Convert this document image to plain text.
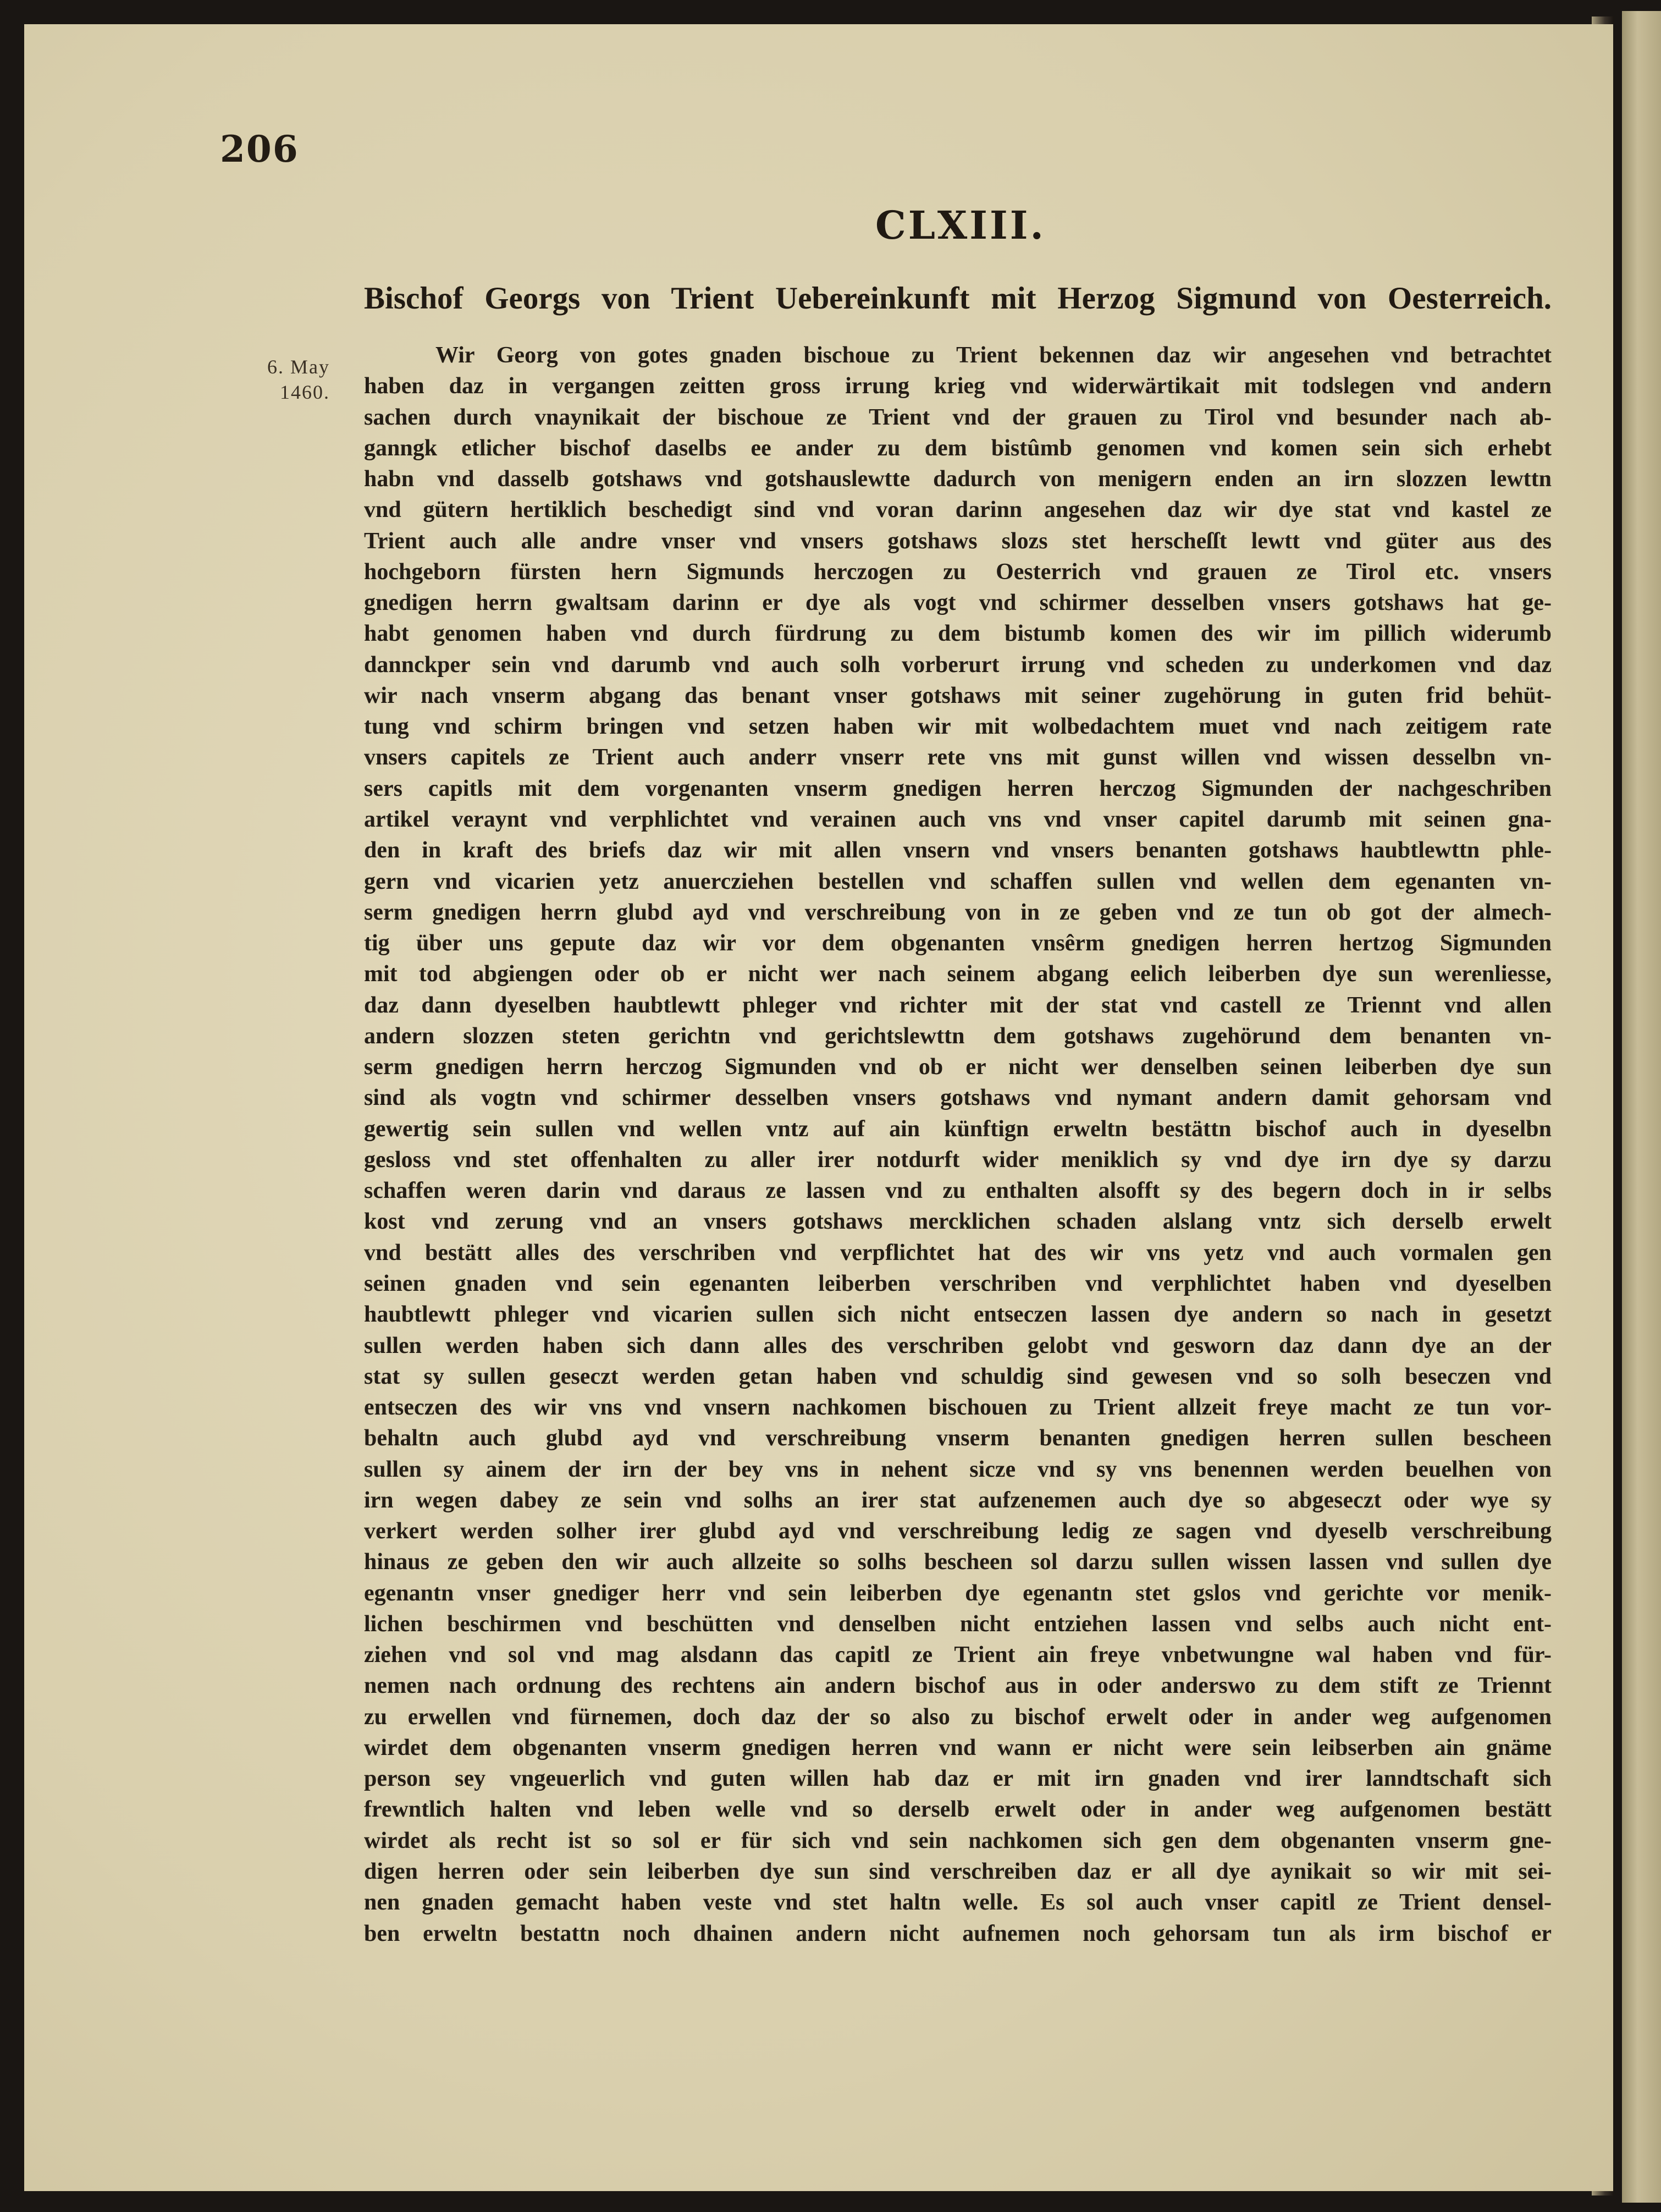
206
CLXIII.
Bischof Georgs von Trient Uebereinkunft mit Herzog Sigmund von Oesterreich.
6. May
1460.
Wir Georg von gotes gnaden bischoue zu Trient bekennen daz wir angesehen vnd betrachtet
haben daz in vergangen zeitten gross irrung krieg vnd widerwärtikait mit todslegen vnd andern
sachen durch vnaynikait der bischoue ze Trient vnd der grauen zu Tirol vnd besunder nach ab-
ganngk etlicher bischof daselbs ee ander zu dem bistûmb genomen vnd komen sein sich erhebt
habn vnd dasselb gotshaws vnd gotshauslewtte dadurch von menigern enden an irn slozzen lewttn
vnd gütern hertiklich beschedigt sind vnd voran darinn angesehen daz wir dye stat vnd kastel ze
Trient auch alle andre vnser vnd vnsers gotshaws slozs stet herscheſſt lewtt vnd güter aus des
hochgeborn fürsten hern Sigmunds herczogen zu Oesterrich vnd grauen ze Tirol etc. vnsers
gnedigen herrn gwaltsam darinn er dye als vogt vnd schirmer desselben vnsers gotshaws hat ge-
habt genomen haben vnd durch fürdrung zu dem bistumb komen des wir im pillich widerumb
dannckper sein vnd darumb vnd auch solh vorberurt irrung vnd scheden zu underkomen vnd daz
wir nach vnserm abgang das benant vnser gotshaws mit seiner zugehörung in guten frid behüt-
tung vnd schirm bringen vnd setzen haben wir mit wolbedachtem muet vnd nach zeitigem rate
vnsers capitels ze Trient auch anderr vnserr rete vns mit gunst willen vnd wissen desselbn vn-
sers capitls mit dem vorgenanten vnserm gnedigen herren herczog Sigmunden der nachgeschriben
artikel veraynt vnd verphlichtet vnd verainen auch vns vnd vnser capitel darumb mit seinen gna-
den in kraft des briefs daz wir mit allen vnsern vnd vnsers benanten gotshaws haubtlewttn phle-
gern vnd vicarien yetz anuercziehen bestellen vnd schaffen sullen vnd wellen dem egenanten vn-
serm gnedigen herrn glubd ayd vnd verschreibung von in ze geben vnd ze tun ob got der almech-
tig über uns gepute daz wir vor dem obgenanten vnsêrm gnedigen herren hertzog Sigmunden
mit tod abgiengen oder ob er nicht wer nach seinem abgang eelich leiberben dye sun werenliesse,
daz dann dyeselben haubtlewtt phleger vnd richter mit der stat vnd castell ze Triennt vnd allen
andern slozzen steten gerichtn vnd gerichtslewttn dem gotshaws zugehörund dem benanten vn-
serm gnedigen herrn herczog Sigmunden vnd ob er nicht wer denselben seinen leiberben dye sun
sind als vogtn vnd schirmer desselben vnsers gotshaws vnd nymant andern damit gehorsam vnd
gewertig sein sullen vnd wellen vntz auf ain künftign erweltn bestättn bischof auch in dyeselbn
gesloss vnd stet offenhalten zu aller irer notdurft wider meniklich sy vnd dye irn dye sy darzu
schaffen weren darin vnd daraus ze lassen vnd zu enthalten alsofft sy des begern doch in ir selbs
kost vnd zerung vnd an vnsers gotshaws mercklichen schaden alslang vntz sich derselb erwelt
vnd bestätt alles des verschriben vnd verpflichtet hat des wir vns yetz vnd auch vormalen gen
seinen gnaden vnd sein egenanten leiberben verschriben vnd verphlichtet haben vnd dyeselben
haubtlewtt phleger vnd vicarien sullen sich nicht entseczen lassen dye andern so nach in gesetzt
sullen werden haben sich dann alles des verschriben gelobt vnd gesworn daz dann dye an der
stat sy sullen geseczt werden getan haben vnd schuldig sind gewesen vnd so solh beseczen vnd
entseczen des wir vns vnd vnsern nachkomen bischouen zu Trient allzeit freye macht ze tun vor-
behaltn auch glubd ayd vnd verschreibung vnserm benanten gnedigen herren sullen bescheen
sullen sy ainem der irn der bey vns in nehent sicze vnd sy vns benennen werden beuelhen von
irn wegen dabey ze sein vnd solhs an irer stat aufzenemen auch dye so abgeseczt oder wye sy
verkert werden solher irer glubd ayd vnd verschreibung ledig ze sagen vnd dyeselb verschreibung
hinaus ze geben den wir auch allzeite so solhs bescheen sol darzu sullen wissen lassen vnd sullen dye
egenantn vnser gnediger herr vnd sein leiberben dye egenantn stet gslos vnd gerichte vor menik-
lichen beschirmen vnd beschütten vnd denselben nicht entziehen lassen vnd selbs auch nicht ent-
ziehen vnd sol vnd mag alsdann das capitl ze Trient ain freye vnbetwungne wal haben vnd für-
nemen nach ordnung des rechtens ain andern bischof aus in oder anderswo zu dem stift ze Triennt
zu erwellen vnd fürnemen, doch daz der so also zu bischof erwelt oder in ander weg aufgenomen
wirdet dem obgenanten vnserm gnedigen herren vnd wann er nicht were sein leibserben ain gnäme
person sey vngeuerlich vnd guten willen hab daz er mit irn gnaden vnd irer lanndtschaft sich
frewntlich halten vnd leben welle vnd so derselb erwelt oder in ander weg aufgenomen bestätt
wirdet als recht ist so sol er für sich vnd sein nachkomen sich gen dem obgenanten vnserm gne-
digen herren oder sein leiberben dye sun sind verschreiben daz er all dye aynikait so wir mit sei-
nen gnaden gemacht haben veste vnd stet haltn welle. Es sol auch vnser capitl ze Trient densel-
ben erweltn bestattn noch dhainen andern nicht aufnemen noch gehorsam tun als irm bischof er
